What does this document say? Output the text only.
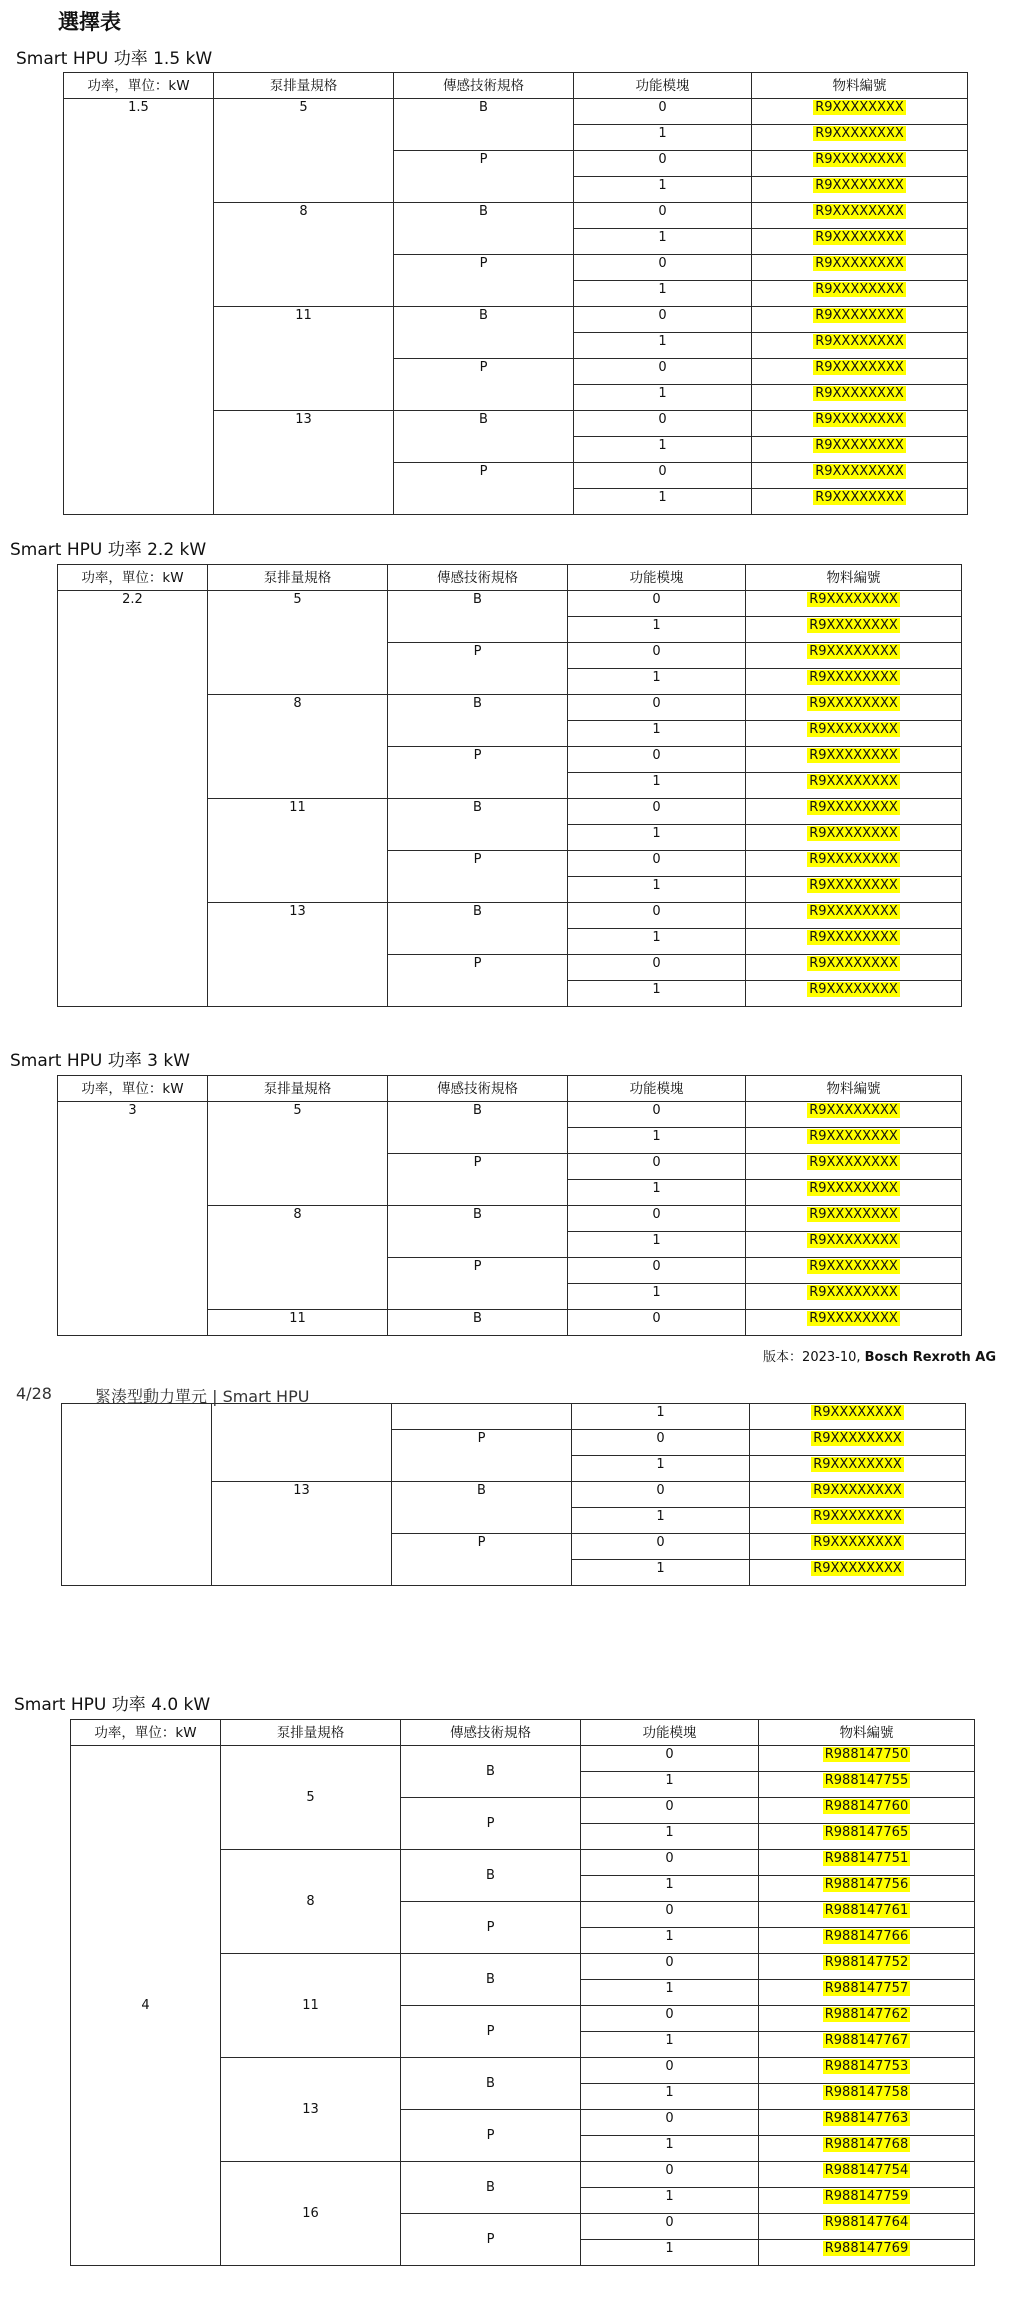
選擇表
Smart HPU 功率 1.5 kW
功率，單位：kW	泵排量規格	傳感技術規格	功能模塊	物料編號
1.5	5	B	0	R9XXXXXXXX
			1	R9XXXXXXXX
		P	0	R9XXXXXXXX
			1	R9XXXXXXXX
	8	B	0	R9XXXXXXXX
			1	R9XXXXXXXX
		P	0	R9XXXXXXXX
			1	R9XXXXXXXX
	11	B	0	R9XXXXXXXX
			1	R9XXXXXXXX
		P	0	R9XXXXXXXX
			1	R9XXXXXXXX
	13	B	0	R9XXXXXXXX
			1	R9XXXXXXXX
		P	0	R9XXXXXXXX
			1	R9XXXXXXXX
Smart HPU 功率 2.2 kW
功率，單位：kW	泵排量規格	傳感技術規格	功能模塊	物料編號
2.2	5	B	0	R9XXXXXXXX
			1	R9XXXXXXXX
		P	0	R9XXXXXXXX
			1	R9XXXXXXXX
	8	B	0	R9XXXXXXXX
			1	R9XXXXXXXX
		P	0	R9XXXXXXXX
			1	R9XXXXXXXX
	11	B	0	R9XXXXXXXX
			1	R9XXXXXXXX
		P	0	R9XXXXXXXX
			1	R9XXXXXXXX
	13	B	0	R9XXXXXXXX
			1	R9XXXXXXXX
		P	0	R9XXXXXXXX
			1	R9XXXXXXXX
Smart HPU 功率 3 kW
功率，單位：kW	泵排量規格	傳感技術規格	功能模塊	物料編號
3	5	B	0	R9XXXXXXXX
			1	R9XXXXXXXX
		P	0	R9XXXXXXXX
			1	R9XXXXXXXX
	8	B	0	R9XXXXXXXX
			1	R9XXXXXXXX
		P	0	R9XXXXXXXX
			1	R9XXXXXXXX
	11	B	0	R9XXXXXXXX
			1	R9XXXXXXXX
		P	0	R9XXXXXXXX
			1	R9XXXXXXXX
	13	B	0	R9XXXXXXXX
			1	R9XXXXXXXX
		P	0	R9XXXXXXXX
			1	R9XXXXXXXX
Smart HPU 功率 4.0 kW
功率，單位：kW	泵排量規格	傳感技術規格	功能模塊	物料編號
4	5	B	0	R988147750
			1	R988147755
		P	0	R988147760
			1	R988147765
	8	B	0	R988147751
			1	R988147756
		P	0	R988147761
			1	R988147766
	11	B	0	R988147752
			1	R988147757
		P	0	R988147762
			1	R988147767
	13	B	0	R988147753
			1	R988147758
		P	0	R988147763
			1	R988147768
	16	B	0	R988147754
			1	R988147759
		P	0	R988147764
			1	R988147769
版本：2023-10, Bosch Rexroth AG
4/28	緊湊型動力單元 | Smart HPU
